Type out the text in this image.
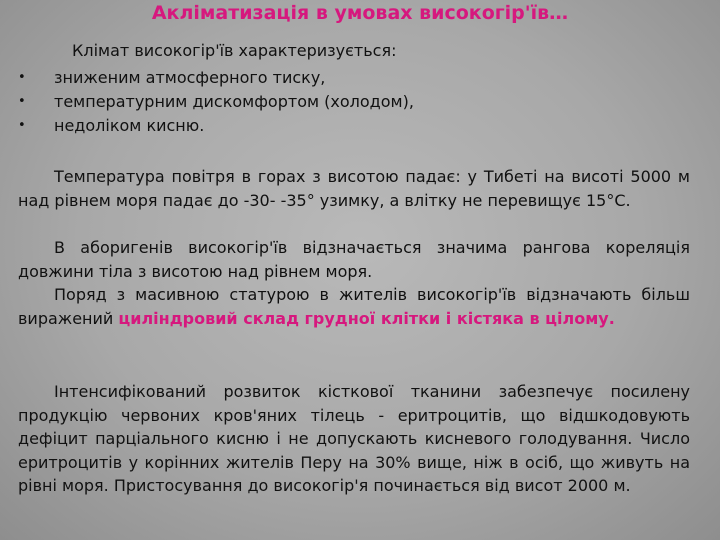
Акліматизація в умовах високогір'їв…
Клімат високогір'їв характеризується:
• зниженим атмосферного тиску,
• температурним дискомфортом (холодом),
• недоліком кисню.

Температура повітря в горах з висотою падає: у Тибеті на висоті 5000 м над рівнем моря падає до -30- -35° узимку, а влітку не перевищує 15°С.

В аборигенів високогір'їв відзначається значима рангова кореляція довжини тіла з висотою над рівнем моря.

Поряд з масивною статурою в жителів високогір'їв відзначають більш виражений циліндровий склад грудної клітки і кістяка в цілому.

Інтенсифікований розвиток кісткової тканини забезпечує посилену продукцію червоних кров'яних тілець - еритроцитів, що відшкодовують дефіцит парціального кисню і не допускають кисневого голодування. Число еритроцитів у корінних жителів Перу на 30% вище, ніж в осіб, що живуть на рівні моря. Пристосування до високогір'я починається від висот 2000 м.
